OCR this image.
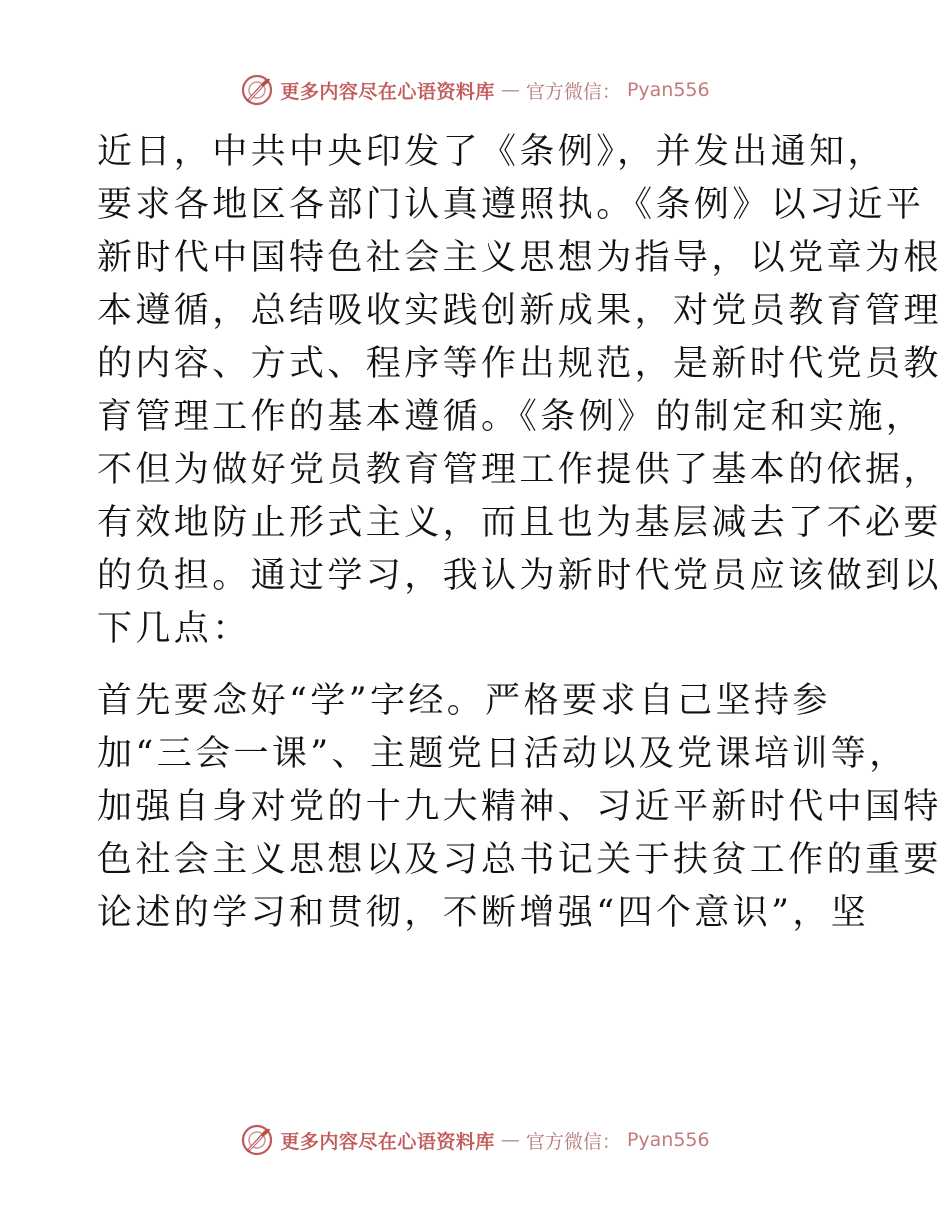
更多内容尽在心语资料库 — 官方微信： Pyan556
近日，中共中央印发了《条例》，并发出通知，
要求各地区各部门认真遵照执。《条例》以习近平
新时代中国特色社会主义思想为指导，以党章为根
本遵循，总结吸收实践创新成果，对党员教育管理
的内容、方式、程序等作出规范，是新时代党员教
育管理工作的基本遵循。《条例》的制定和实施，
不但为做好党员教育管理工作提供了基本的依据，
有效地防止形式主义，而且也为基层减去了不必要
的负担。通过学习，我认为新时代党员应该做到以
下几点：
首先要念好“学”字经。严格要求自己坚持参
加“三会一课”、主题党日活动以及党课培训等，
加强自身对党的十九大精神、习近平新时代中国特
色社会主义思想以及习总书记关于扶贫工作的重要
论述的学习和贯彻，不断增强“四个意识”，坚
更多内容尽在心语资料库 — 官方微信： Pyan556
